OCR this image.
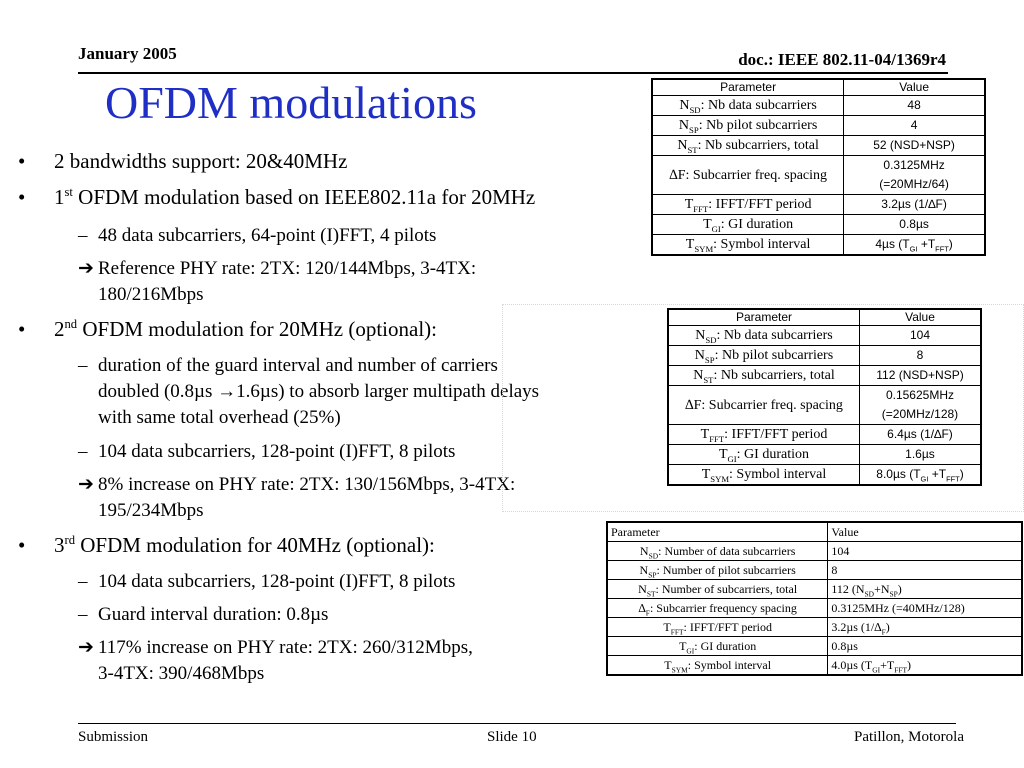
January 2005	doc.: IEEE 802.11-04/1369r4
OFDM modulations
•	2 bandwidths support: 20&40MHz
•	1st OFDM modulation based on IEEE802.11a for 20MHz
– 48 data subcarriers, 64-point (I)FFT, 4 pilots
➔ Reference PHY rate: 2TX: 120/144Mbps, 3-4TX:
180/216Mbps
•	2nd OFDM modulation for 20MHz (optional):
– duration of the guard interval and number of carriers
doubled (0.8µs →1.6µs) to absorb larger multipath delays
with same total overhead (25%)
– 104 data subcarriers, 128-point (I)FFT, 8 pilots
➔ 8% increase on PHY rate: 2TX: 130/156Mbps, 3-4TX:
195/234Mbps
•	3rd OFDM modulation for 40MHz (optional):
– 104 data subcarriers, 128-point (I)FFT, 8 pilots
– Guard interval duration: 0.8µs
➔ 117% increase on PHY rate: 2TX: 260/312Mbps,
3-4TX: 390/468Mbps
Parameter	Value
$N_{SD}$: Nb data subcarriers	48
$N_{SP}$: Nb pilot subcarriers	4
$N_{ST}$: Nb subcarriers, total	52 (NSD+NSP)
∆F: Subcarrier freq. spacing	0.3125MHz (=20MHz/64)
$T_{FFT}$: IFFT/FFT period	3.2µs (1/∆F)
$T_{GI}$: GI duration	0.8µs
$T_{SYM}$: Symbol interval	4µs $(T_{GI} +T_{FFT})$
Parameter	Value
$N_{SD}$: Nb data subcarriers	104
$N_{SP}$: Nb pilot subcarriers	8
$N_{ST}$: Nb subcarriers, total	112 (NSD+NSP)
∆F: Subcarrier freq. spacing	0.15625MHz (=20MHz/128)
$T_{FFT}$: IFFT/FFT period	6.4µs (1/∆F)
$T_{GI}$: GI duration	1.6µs
$T_{SYM}$: Symbol interval	8.0µs $(T_{GI} +T_{FFT})$
Parameter	Value
$N_{SD}$: Number of data subcarriers	104
$N_{SP}$: Number of pilot subcarriers	8
$N_{ST}$: Number of subcarriers, total	112 $(N_{SD}+N_{SP})$
$\Delta_F$: Subcarrier frequency spacing	0.3125MHz (=40MHz/128)
$T_{FFT}$: IFFT/FFT period	3.2µs $(1/\Delta_F)$
$T_{GI}$: GI duration	0.8µs
$T_{SYM}$: Symbol interval	4.0µs $(T_{GI}+T_{FFT})$
Submission	Slide 10	Patillon, Motorola
